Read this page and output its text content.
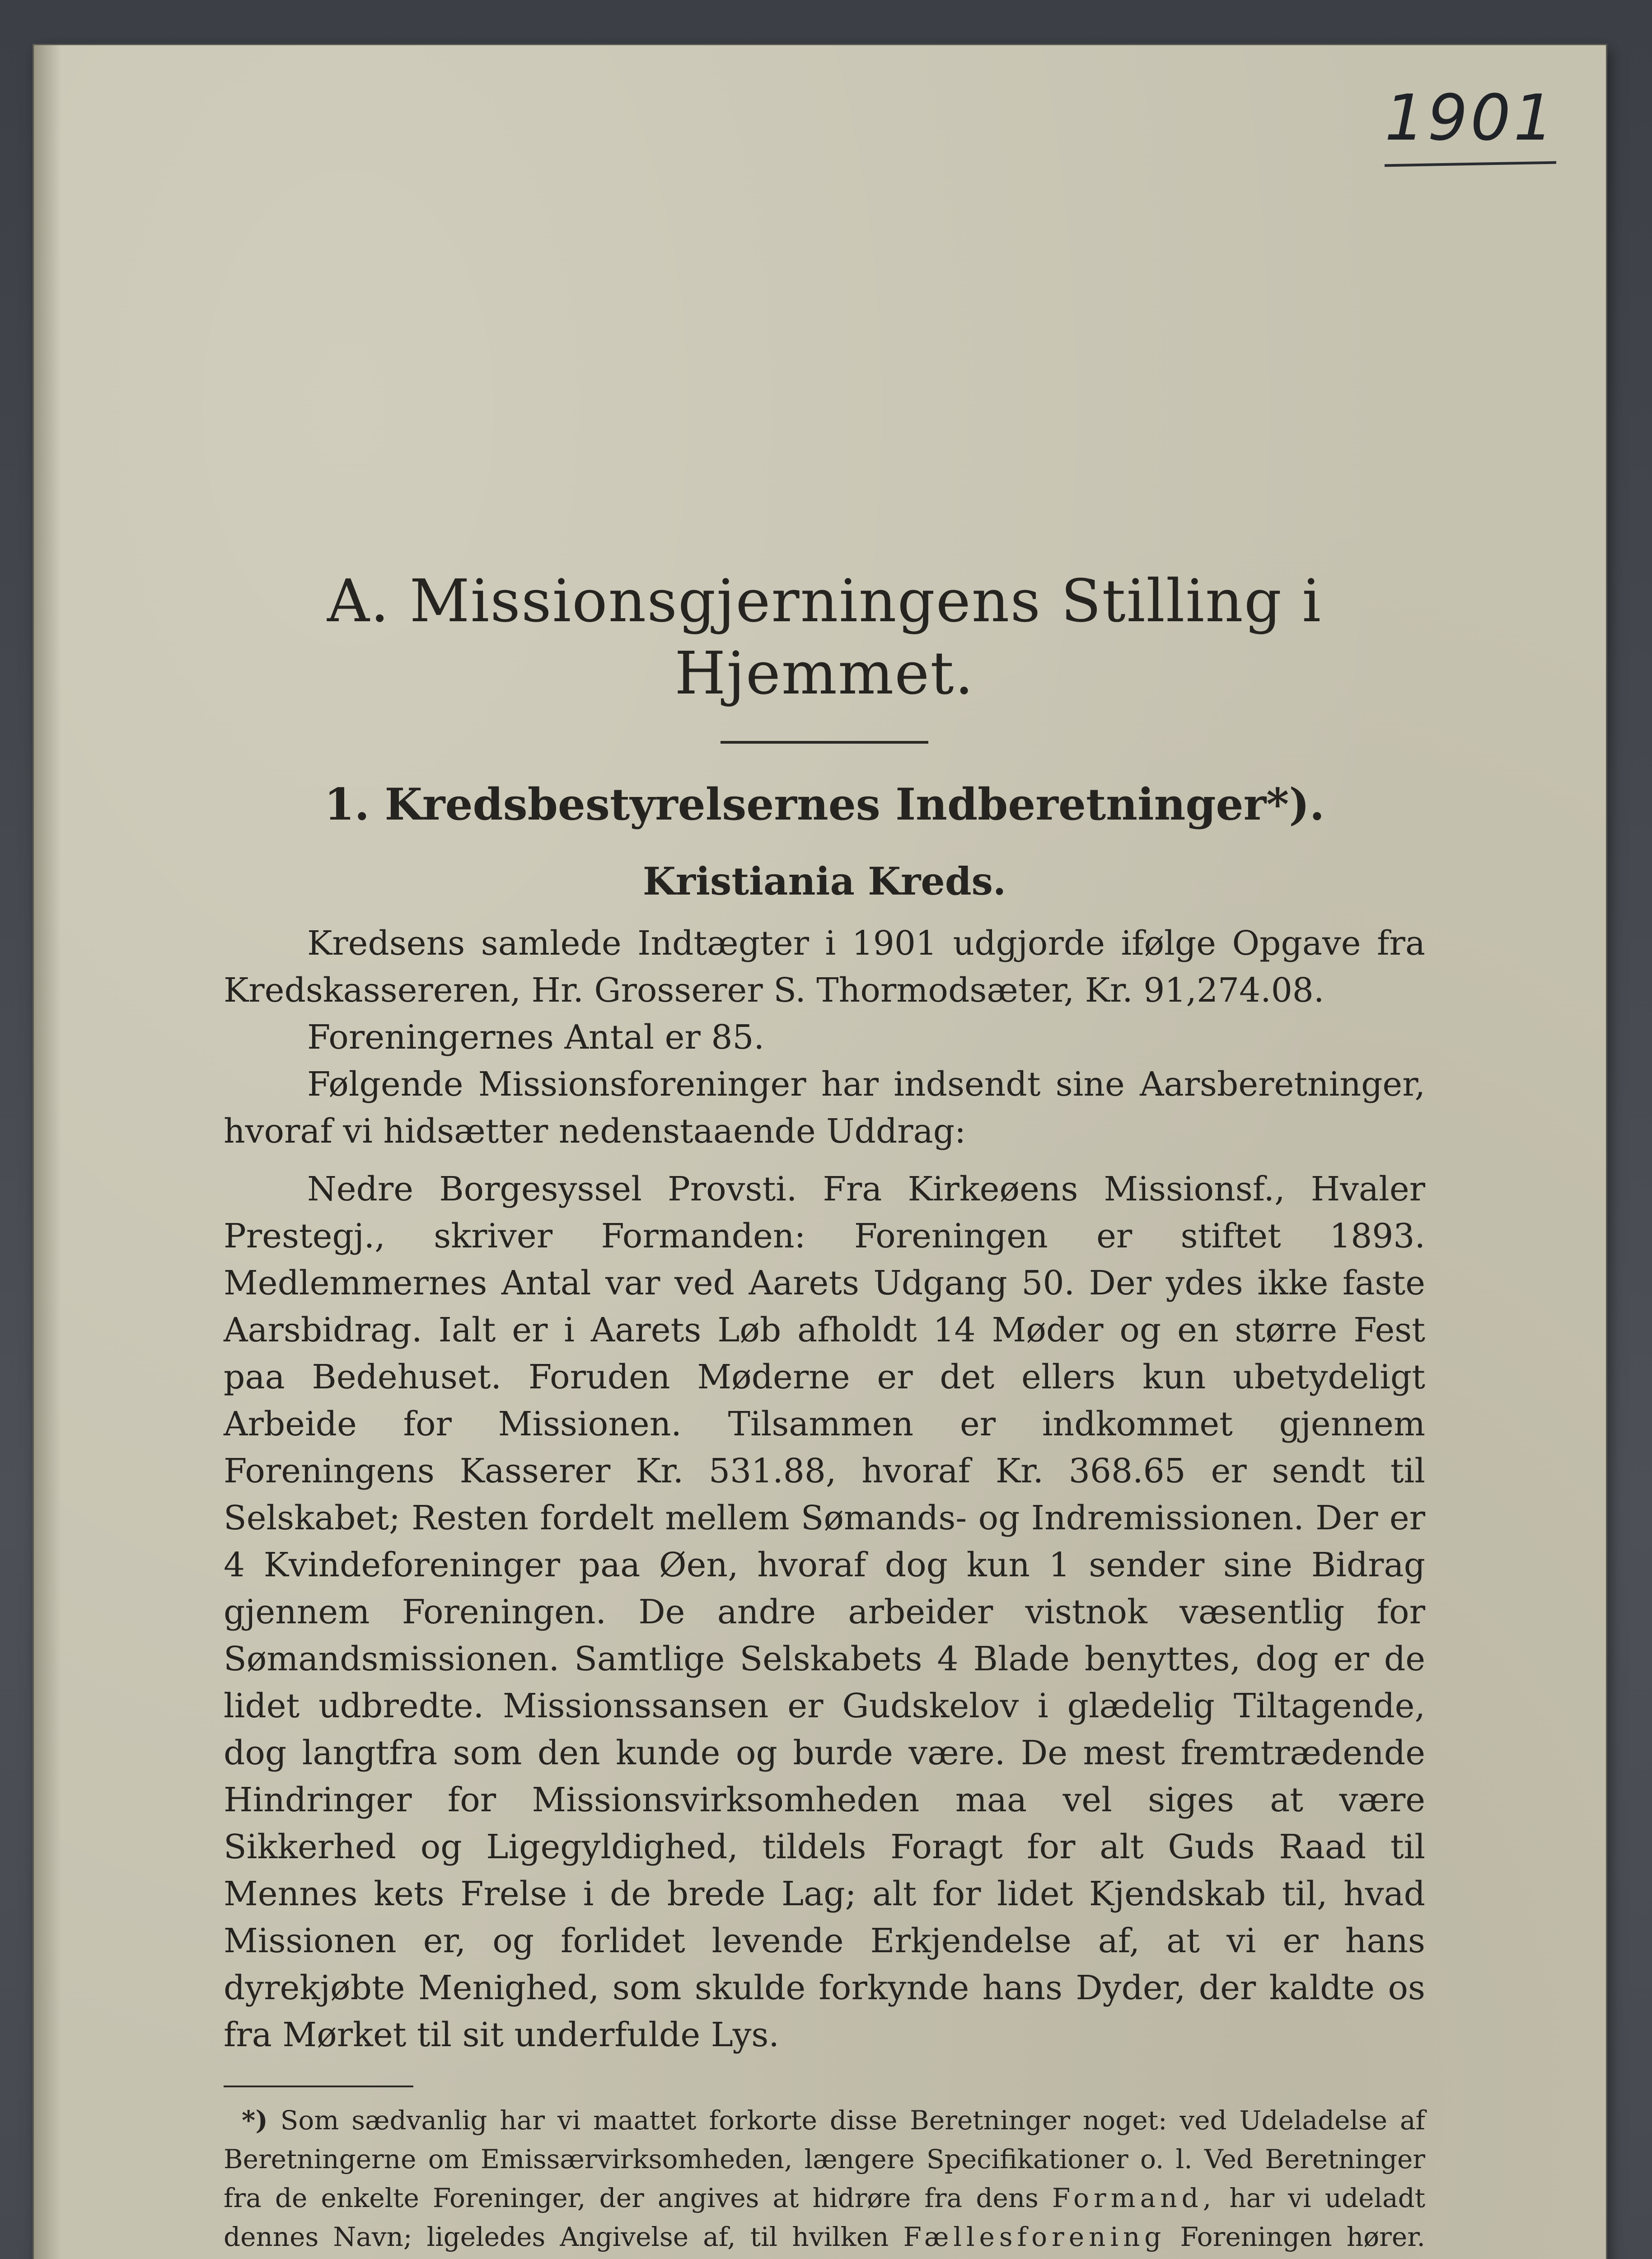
1901
A. Missionsgjerningens Stilling i Hjemmet.
1. Kredsbestyrelsernes Indberetninger*).
Kristiania Kreds.

Kredsens samlede Indtægter i 1901 udgjorde ifølge Opgave fra Kredskassereren, Hr. Grosserer S. Thormodsæter, Kr. 91,274.08.

Foreningernes Antal er 85.

Følgende Missionsforeninger har indsendt sine Aarsberetninger, hvoraf vi hidsætter nedenstaaende Uddrag:

Nedre Borgesyssel Provsti. Fra Kirkeøens Missionsf., Hvaler Prestegj., skriver Formanden: Foreningen er stiftet 1893. Medlemmernes Antal var ved Aarets Udgang 50. Der ydes ikke faste Aarsbidrag. Ialt er i Aarets Løb afholdt 14 Møder og en større Fest paa Bedehuset. Foruden Møderne er det ellers kun ubetydeligt Arbeide for Missionen. Tilsammen er indkommet gjennem Foreningens Kasserer Kr. 531.88, hvoraf Kr. 368.65 er sendt til Selskabet; Resten fordelt mellem Sømands- og Indremissionen. Der er 4 Kvindeforeninger paa Øen, hvoraf dog kun 1 sender sine Bidrag gjennem Foreningen. De andre arbeider vistnok væsentlig for Sømandsmissionen. Samtlige Selskabets 4 Blade benyttes, dog er de lidet udbredte. Missionssansen er Gudskelov i glædelig Tiltagende, dog langtfra som den kunde og burde være. De mest fremtrædende Hindringer for Missionsvirksomheden maa vel siges at være Sikkerhed og Ligegyldighed, tildels Foragt for alt Guds Raad til Mennes kets Frelse i de brede Lag; alt for lidet Kjendskab til, hvad Missionen er, og forlidet levende Erkjendelse af, at vi er hans dyrekjøbte Menighed, som skulde forkynde hans Dyder, der kaldte os fra Mørket til sit underfulde Lys.

*) Som sædvanlig har vi maattet forkorte disse Beretninger noget: ved Udeladelse af Beretningerne om Emissærvirksomheden, længere Specifikationer o. l. Ved Beretninger fra de enkelte Foreninger, der angives at hidrøre fra dens Formand, har vi udeladt dennes Navn; ligeledes Angivelse af, til hvilken Fællesforening Foreningen hører.
